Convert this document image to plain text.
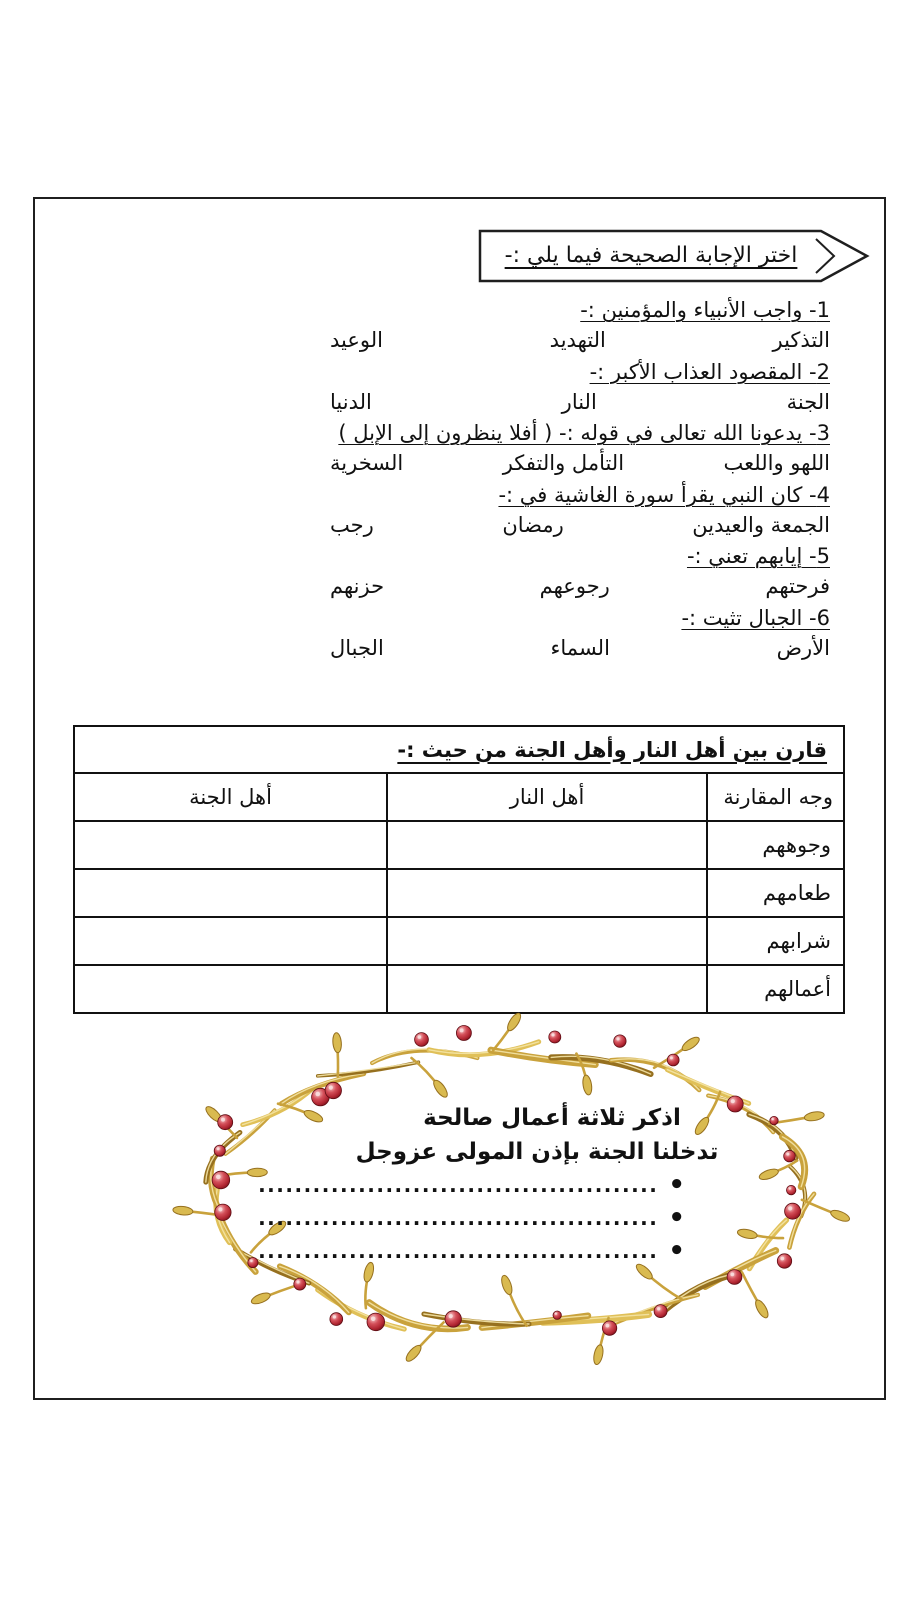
اختر الإجابة الصحيحة فيما يلي :-
1- واجب الأنبياء والمؤمنين :-
التذكير
التهديد
الوعيد
2- المقصود العذاب الأكبر :-
الجنة
النار
الدنيا
3- يدعونا الله تعالى في قوله :- ( أفلا ينظرون إلى الإبل )
اللهو واللعب
التأمل والتفكر
السخرية
4- كان النبي يقرأ سورة الغاشية في :-
الجمعة والعيدين
رمضان
رجب
5- إيابهم تعني :-
فرحتهم
رجوعهم
حزنهم
6- الجبال تثيت :-
الأرض
السماء
الجبال
قارن بين أهل النار وأهل الجنة من حيث :-		
وجه المقارنة	أهل النار	أهل الجنة
وجوههم		
طعامهم		
شرابهم		
أعمالهم		
اذكر ثلاثة أعمال صالحة
تدخلنا الجنة بإذن المولى عزوجل
•
............................................
•
............................................
•
............................................
